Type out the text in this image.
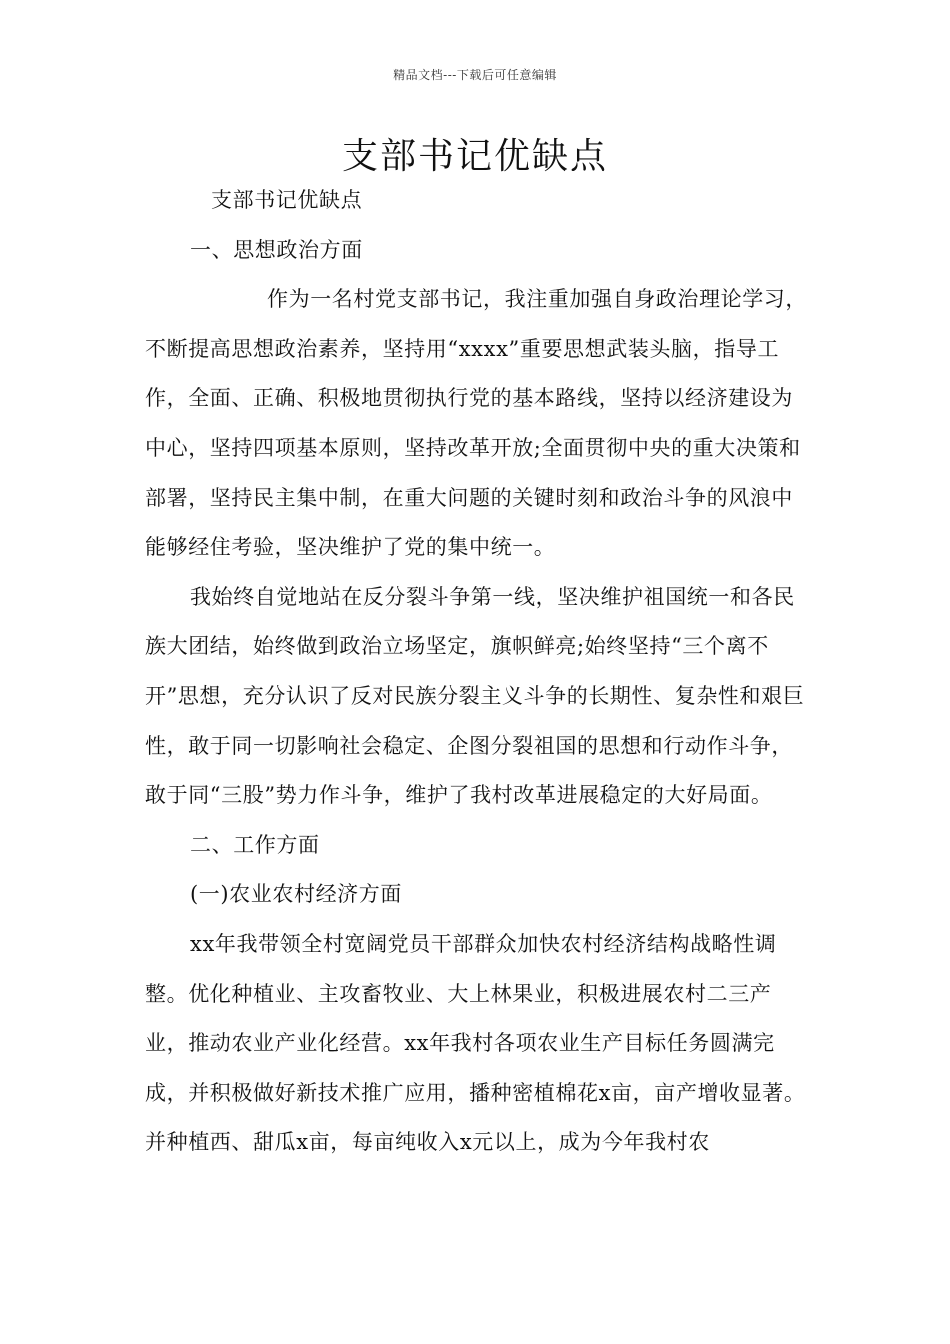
精品文档---下载后可任意编辑
支部书记优缺点

支部书记优缺点

一、思想政治方面

作为一名村党支部书记，我注重加强自身政治理论学习，不断提高思想政治素养，坚持用“xxxx”重要思想武装头脑，指导工作，全面、正确、积极地贯彻执行党的基本路线，坚持以经济建设为中心，坚持四项基本原则，坚持改革开放;全面贯彻中央的重大决策和部署，坚持民主集中制，在重大问题的关键时刻和政治斗争的风浪中能够经住考验，坚决维护了党的集中统一。

我始终自觉地站在反分裂斗争第一线，坚决维护祖国统一和各民族大团结，始终做到政治立场坚定，旗帜鲜亮;始终坚持“三个离不开”思想，充分认识了反对民族分裂主义斗争的长期性、复杂性和艰巨性，敢于同一切影响社会稳定、企图分裂祖国的思想和行动作斗争，敢于同“三股”势力作斗争，维护了我村改革进展稳定的大好局面。

二、工作方面

(一)农业农村经济方面

xx年我带领全村宽阔党员干部群众加快农村经济结构战略性调整。优化种植业、主攻畜牧业、大上林果业，积极进展农村二三产业，推动农业产业化经营。xx年我村各项农业生产目标任务圆满完成，并积极做好新技术推广应用，播种密植棉花x亩，亩产增收显著。并种植西、甜瓜x亩，每亩纯收入x元以上，成为今年我村农
